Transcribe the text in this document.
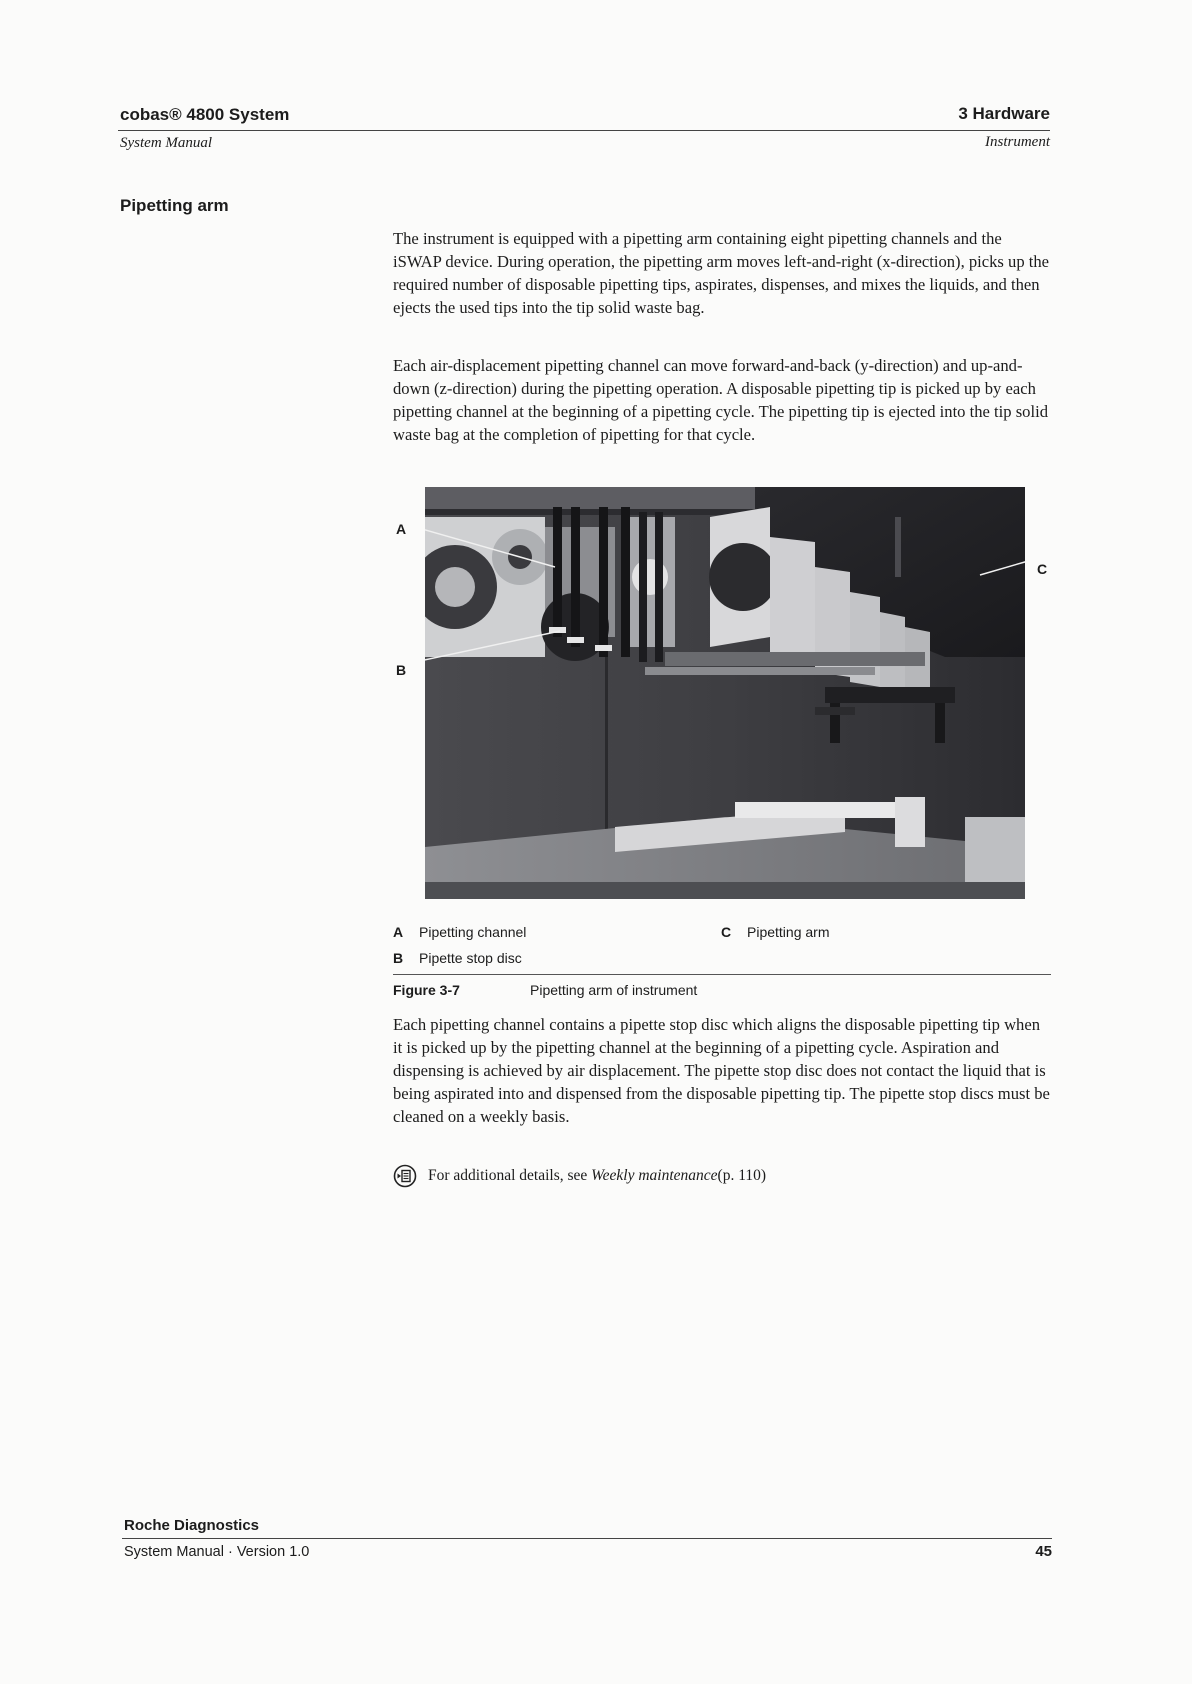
cobas® 4800 System	3 Hardware
System Manual	Instrument
Pipetting arm

The instrument is equipped with a pipetting arm containing eight pipetting channels and the iSWAP device. During operation, the pipetting arm moves left-and-right (x-direction), picks up the required number of disposable pipetting tips, aspirates, dispenses, and mixes the liquids, and then ejects the used tips into the tip solid waste bag.

Each air-displacement pipetting channel can move forward-and-back (y-direction) and up-and-down (z-direction) during the pipetting operation. A disposable pipetting tip is picked up by each pipetting channel at the beginning of a pipetting cycle. The pipetting tip is ejected into the tip solid waste bag at the completion of pipetting for that cycle.

A
B
C
A Pipetting channel
B Pipette stop disc
C Pipetting arm
Figure 3-7	Pipetting arm of instrument

Each pipetting channel contains a pipette stop disc which aligns the disposable pipetting tip when it is picked up by the pipetting channel at the beginning of a pipetting cycle. Aspiration and dispensing is achieved by air displacement. The pipette stop disc does not contact the liquid that is being aspirated into and dispensed from the disposable pipetting tip. The pipette stop discs must be cleaned on a weekly basis.

For additional details, see
Weekly maintenance (p. 110)
Roche Diagnostics
System Manual · Version 1.0	45
